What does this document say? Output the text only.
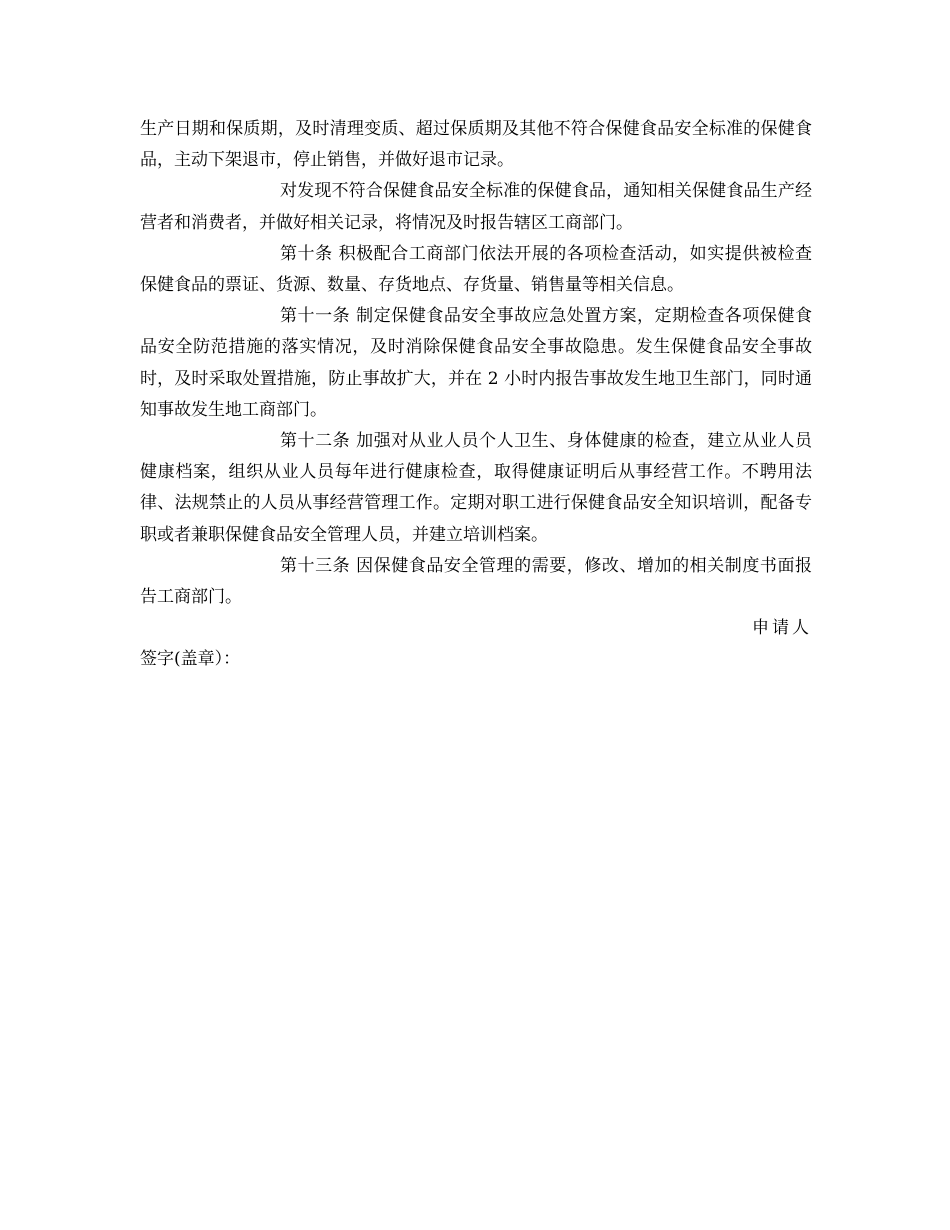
生产日期和保质期，及时清理变质、超过保质期及其他不符合保健食品安全标准的保健食品，主动下架退市，停止销售，并做好退市记录。

对发现不符合保健食品安全标准的保健食品，通知相关保健食品生产经营者和消费者，并做好相关记录，将情况及时报告辖区工商部门。

第十条 积极配合工商部门依法开展的各项检查活动，如实提供被检查保健食品的票证、货源、数量、存货地点、存货量、销售量等相关信息。

第十一条 制定保健食品安全事故应急处置方案，定期检查各项保健食品安全防范措施的落实情况，及时消除保健食品安全事故隐患。发生保健食品安全事故时，及时采取处置措施，防止事故扩大，并在 2 小时内报告事故发生地卫生部门，同时通知事故发生地工商部门。

第十二条 加强对从业人员个人卫生、身体健康的检查，建立从业人员健康档案，组织从业人员每年进行健康检查，取得健康证明后从事经营工作。不聘用法律、法规禁止的人员从事经营管理工作。定期对职工进行保健食品安全知识培训，配备专职或者兼职保健食品安全管理人员，并建立培训档案。

第十三条 因保健食品安全管理的需要，修改、增加的相关制度书面报告工商部门。

申请人

签字(盖章）：
